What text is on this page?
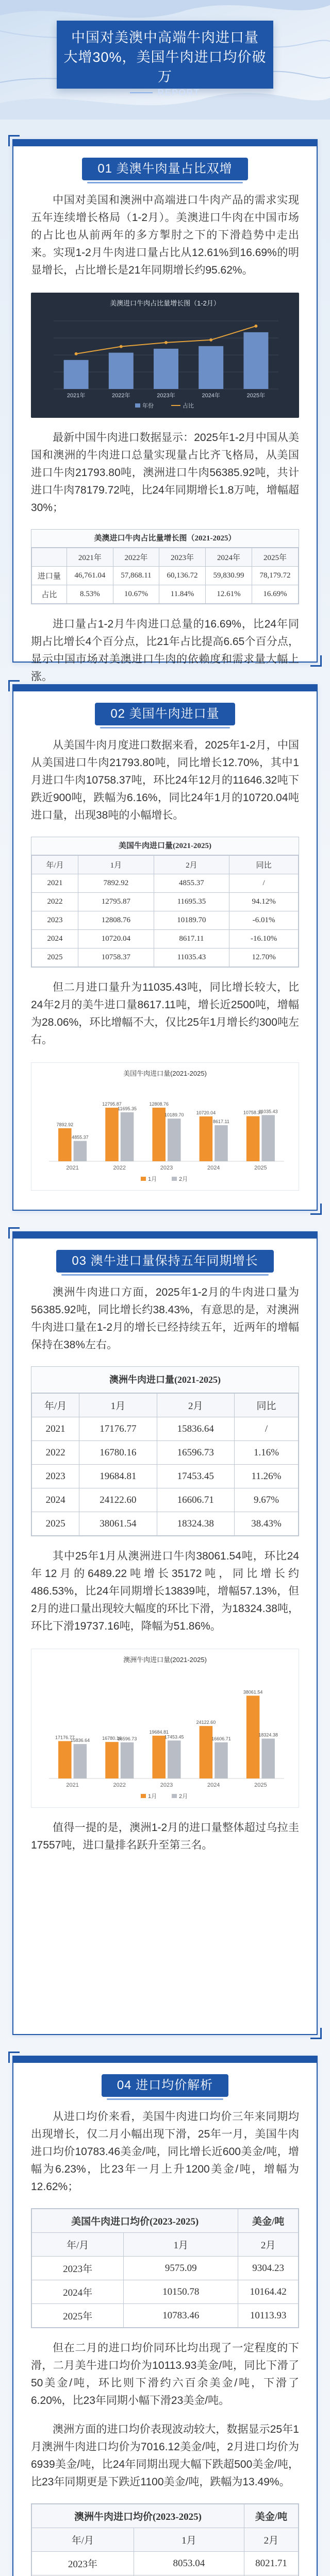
中国对美澳中高端牛肉进口量
大增30%，美国牛肉进口均价破万
REPORT
01 美澳牛肉量占比双增

中国对美国和澳洲中高端进口牛肉产品的需求实现五年连续增长格局（1-2月）。美澳进口牛肉在中国市场的占比也从前两年的多方掣肘之下的下滑趋势中走出来。实现1-2月牛肉进口量占比从12.61%到16.69%的明显增长，占比增长是21年同期增长约95.62%。

美澳进口牛肉占比量增长图（1-2月）
2021年	2022年	2023年	2024年	2025年
年份	占比

最新中国牛肉进口数据显示：2025年1-2月中国从美国和澳洲的牛肉进口总量实现量占比齐飞格局，从美国进口牛肉21793.80吨，澳洲进口牛肉56385.92吨，共计进口牛肉78179.72吨，比24年同期增长1.8万吨，增幅超30%；

美澳进口牛肉占比量增长图（2021-2025）
	2021年	2022年	2023年	2024年	2025年
进口量	46,761.04	57,868.11	60,136.72	59,830.99	78,179.72
占比	8.53%	10.67%	11.84%	12.61%	16.69%

进口量占1-2月牛肉进口总量的16.69%，比24年同期占比增长4个百分点，比21年占比提高6.65个百分点，显示中国市场对美澳进口牛肉的依赖度和需求量大幅上涨。

02 美国牛肉进口量

从美国牛肉月度进口数据来看，2025年1-2月，中国从美国进口牛肉21793.80吨，同比增长12.70%，其中1月进口牛肉10758.37吨，环比24年12月的11646.32吨下跌近900吨，跌幅为6.16%，同比24年1月的10720.04吨进口量，出现38吨的小幅增长。

美国牛肉进口量(2021-2025)
年/月	1月	2月	同比
2021	7892.92	4855.37	/
2022	12795.87	11695.35	94.12%
2023	12808.76	10189.70	-6.01%
2024	10720.04	8617.11	-16.10%
2025	10758.37	11035.43	12.70%

但二月进口量升为11035.43吨，同比增长较大，比24年2月的美牛进口量8617.11吨，增长近2500吨，增幅为28.06%，环比增幅不大，仅比25年1月增长约300吨左右。

美国牛肉进口量(2021-2025)
7892.92
4855.37
2021
12795.87
11695.35
2022
12808.76
10189.70
2023
10720.04
8617.11
2024
10758.37
11035.43
2025
1月	2月
03 澳牛进口量保持五年同期增长

澳洲牛肉进口方面，2025年1-2月的牛肉进口量为56385.92吨，同比增长约38.43%，有意思的是，对澳洲牛肉进口量在1-2月的增长已经持续五年，近两年的增幅保持在38%左右。

澳洲牛肉进口量(2021-2025)
年/月	1月	2月	同比
2021	17176.77	15836.64	/
2022	16780.16	16596.73	1.16%
2023	19684.81	17453.45	11.26%
2024	24122.60	16606.71	9.67%
2025	38061.54	18324.38	38.43%

其中25年1月从澳洲进口牛肉38061.54吨，环比24年12月的6489.22吨增长35172吨，同比增长约486.53%，比24年同期增长13839吨，增幅57.13%，但2月的进口量出现较大幅度的环比下滑，为18324.38吨，环比下滑19737.16吨，降幅为51.86%。

澳洲牛肉进口量(2021-2025)
17176.77
15836.64
2021
16780.16
16596.73
2022
19684.81
17453.45
2023
24122.60
16606.71
2024
38061.54
18324.38
2025
1月	2月

值得一提的是，澳洲1-2月的进口量整体超过乌拉圭17557吨，进口量排名跃升至第三名。

04 进口均价解析

从进口均价来看，美国牛肉进口均价三年来同期均出现增长，仅二月小幅出现下滑，25年一月，美国牛肉进口均价10783.46美金/吨，同比增长近600美金/吨，增幅为6.23%，比23年一月上升1200美金/吨，增幅为12.62%；

美国牛肉进口均价(2023-2025)		美金/吨
年/月	1月	2月
2023年	9575.09	9304.23
2024年	10150.78	10164.42
2025年	10783.46	10113.93

但在二月的进口均价同环比均出现了一定程度的下滑，二月美牛进口均价为10113.93美金/吨，同比下滑了50美金/吨，环比则下滑约六百余美金/吨，下滑了6.20%，比23年同期小幅下滑23美金/吨。

澳洲方面的进口均价表现波动较大，数据显示25年1月澳洲牛肉进口均价为7016.12美金/吨，2月进口均价为6939美金/吨，比24年同期出现大幅下跌超500美金/吨，比23年同期更是下跌近1100美金/吨，跌幅为13.49%。

澳洲牛肉进口均价(2023-2025)		美金/吨
年/月	1月	2月
2023年	8053.04	8021.71
